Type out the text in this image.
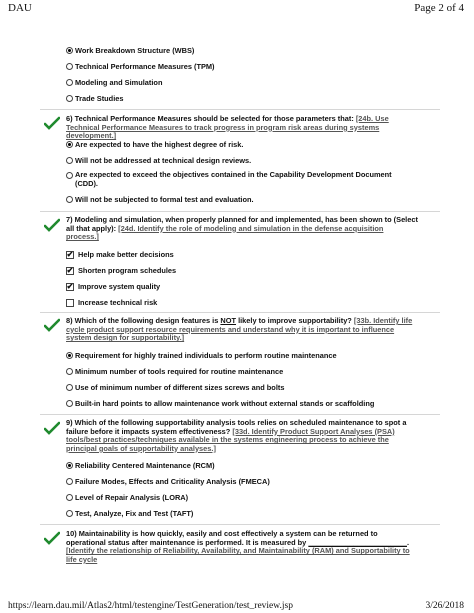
DAU	Page 2 of 4
Work Breakdown Structure (WBS)
Technical Performance Measures (TPM)
Modeling and Simulation
Trade Studies
6) Technical Performance Measures should be selected for those parameters that: [24b. Use Technical Performance Measures to track progress in program risk areas during systems development.]
Are expected to have the highest degree of risk.
Will not be addressed at technical design reviews.
Are expected to exceed the objectives contained in the Capability Development Document (CDD).
Will not be subjected to formal test and evaluation.
7) Modeling and simulation, when properly planned for and implemented, has been shown to (Select all that apply): [24d. Identify the role of modeling and simulation in the defense acquisition process.]
✔ Help make better decisions
✔ Shorten program schedules
✔ Improve system quality
Increase technical risk
8) Which of the following design features is NOT likely to improve supportability? [33b. Identify life cycle product support resource requirements and understand why it is important to influence system design for supportability.]
Requirement for highly trained individuals to perform routine maintenance
Minimum number of tools required for routine maintenance
Use of minimum number of different sizes screws and bolts
Built-in hard points to allow maintenance work without external stands or scaffolding
9) Which of the following supportability analysis tools relies on scheduled maintenance to spot a failure before it impacts system effectiveness? [33d. Identify Product Support Analyses (PSA) tools/best practices/techniques available in the systems engineering process to achieve the principal goals of supportability analyses.]
Reliability Centered Maintenance (RCM)
Failure Modes, Effects and Criticality Analysis (FMECA)
Level of Repair Analysis (LORA)
Test, Analyze, Fix and Test (TAFT)
10) Maintainability is how quickly, easily and cost effectively a system can be returned to operational status after maintenance is performed. It is measured by ________________________. [Identify the relationship of Reliability, Availability, and Maintainability (RAM) and Supportability to life cycle
https://learn.dau.mil/Atlas2/html/testengine/TestGeneration/test_review.jsp	3/26/2018
